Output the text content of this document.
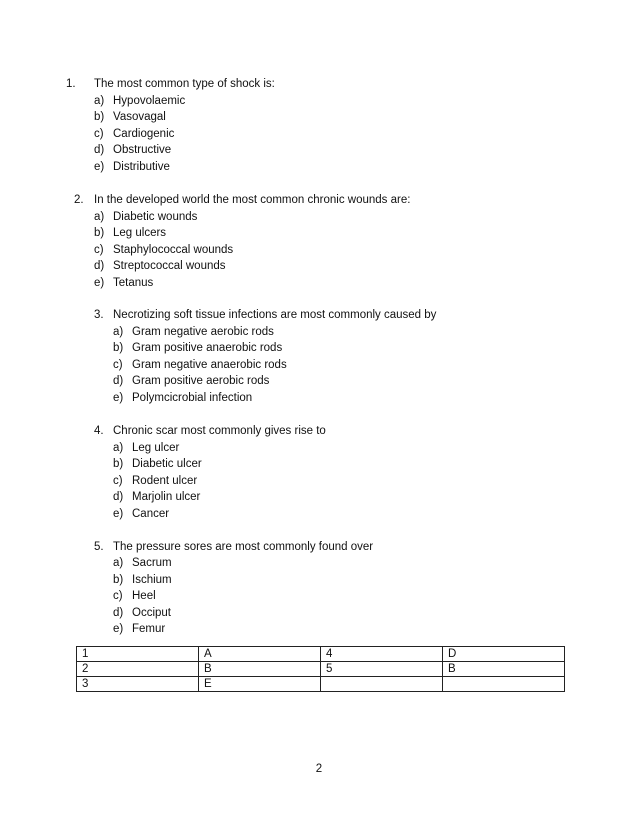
1. The most common type of shock is:
a) Hypovolaemic
b) Vasovagal
c) Cardiogenic
d) Obstructive
e) Distributive
2. In the developed world the most common chronic wounds are:
a) Diabetic wounds
b) Leg ulcers
c) Staphylococcal wounds
d) Streptococcal wounds
e) Tetanus
3. Necrotizing soft tissue infections are most commonly caused by
a) Gram negative aerobic rods
b) Gram positive anaerobic rods
c) Gram negative anaerobic rods
d) Gram positive aerobic rods
e) Polymcicrobial infection
4. Chronic scar most commonly gives rise to
a) Leg ulcer
b) Diabetic ulcer
c) Rodent ulcer
d) Marjolin ulcer
e) Cancer
5. The pressure sores are most commonly found over
a) Sacrum
b) Ischium
c) Heel
d) Occiput
e) Femur
1	A	4	D
2	B	5	B
3	E		
2
